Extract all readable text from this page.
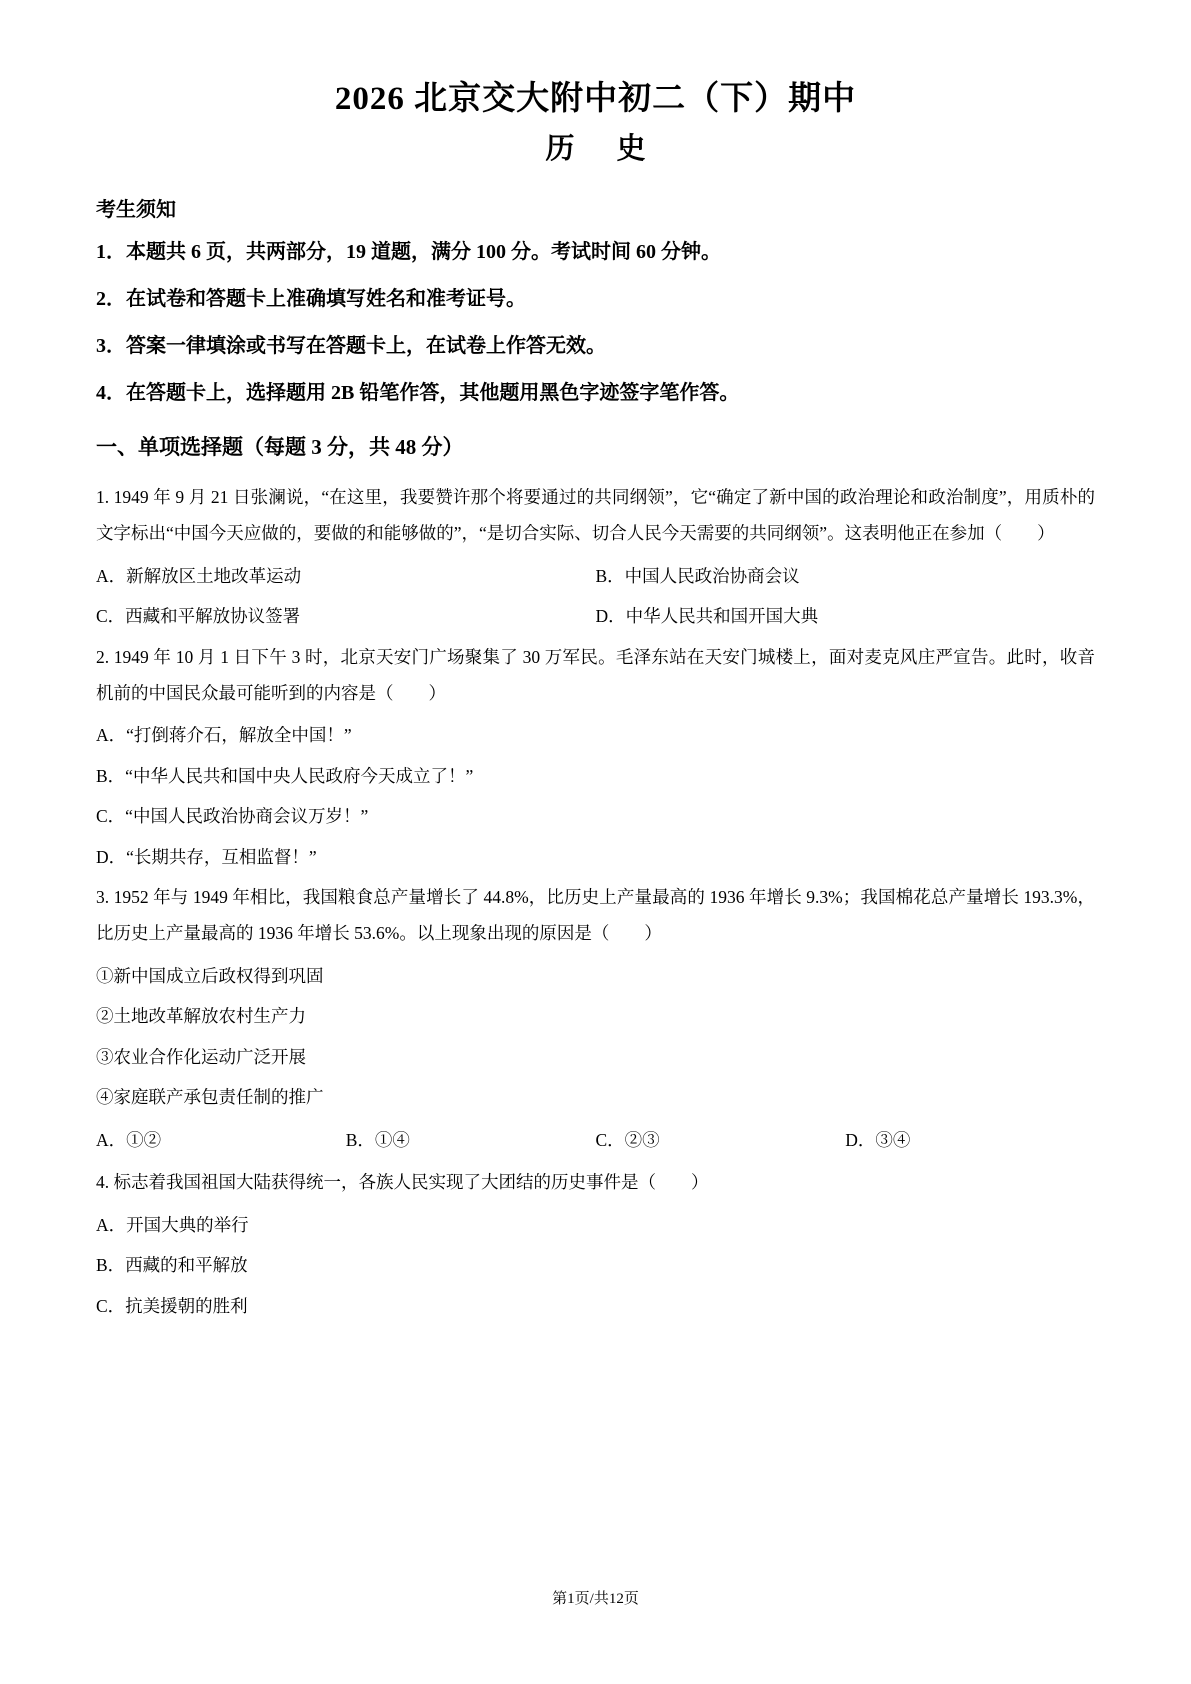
2026 北京交大附中初二（下）期中
历 史
考生须知
1．本题共 6 页，共两部分，19 道题，满分 100 分。考试时间 60 分钟。
2．在试卷和答题卡上准确填写姓名和准考证号。
3．答案一律填涂或书写在答题卡上，在试卷上作答无效。
4．在答题卡上，选择题用 2B 铅笔作答，其他题用黑色字迹签字笔作答。
一、单项选择题（每题 3 分，共 48 分）
1. 1949 年 9 月 21 日张澜说，“在这里，我要赞许那个将要通过的共同纲领”，它“确定了新中国的政治理论和政治制度”，用质朴的文字标出“中国今天应做的，要做的和能够做的”，“是切合实际、切合人民今天需要的共同纲领”。这表明他正在参加（　　）
A．新解放区土地改革运动	B．中国人民政治协商会议
C．西藏和平解放协议签署	D．中华人民共和国开国大典
2. 1949 年 10 月 1 日下午 3 时，北京天安门广场聚集了 30 万军民。毛泽东站在天安门城楼上，面对麦克风庄严宣告。此时，收音机前的中国民众最可能听到的内容是（　　）
A．“打倒蒋介石，解放全中国！”
B．“中华人民共和国中央人民政府今天成立了！”
C．“中国人民政治协商会议万岁！”
D．“长期共存，互相监督！”
3. 1952 年与 1949 年相比，我国粮食总产量增长了 44.8%，比历史上产量最高的 1936 年增长 9.3%；我国棉花总产量增长 193.3%，比历史上产量最高的 1936 年增长 53.6%。以上现象出现的原因是（　　）
①新中国成立后政权得到巩固
②土地改革解放农村生产力
③农业合作化运动广泛开展
④家庭联产承包责任制的推广
A．①②	B．①④	C．②③	D．③④
4. 标志着我国祖国大陆获得统一，各族人民实现了大团结的历史事件是（　　）
A．开国大典的举行
B．西藏的和平解放
C．抗美援朝的胜利
第1页/共12页
